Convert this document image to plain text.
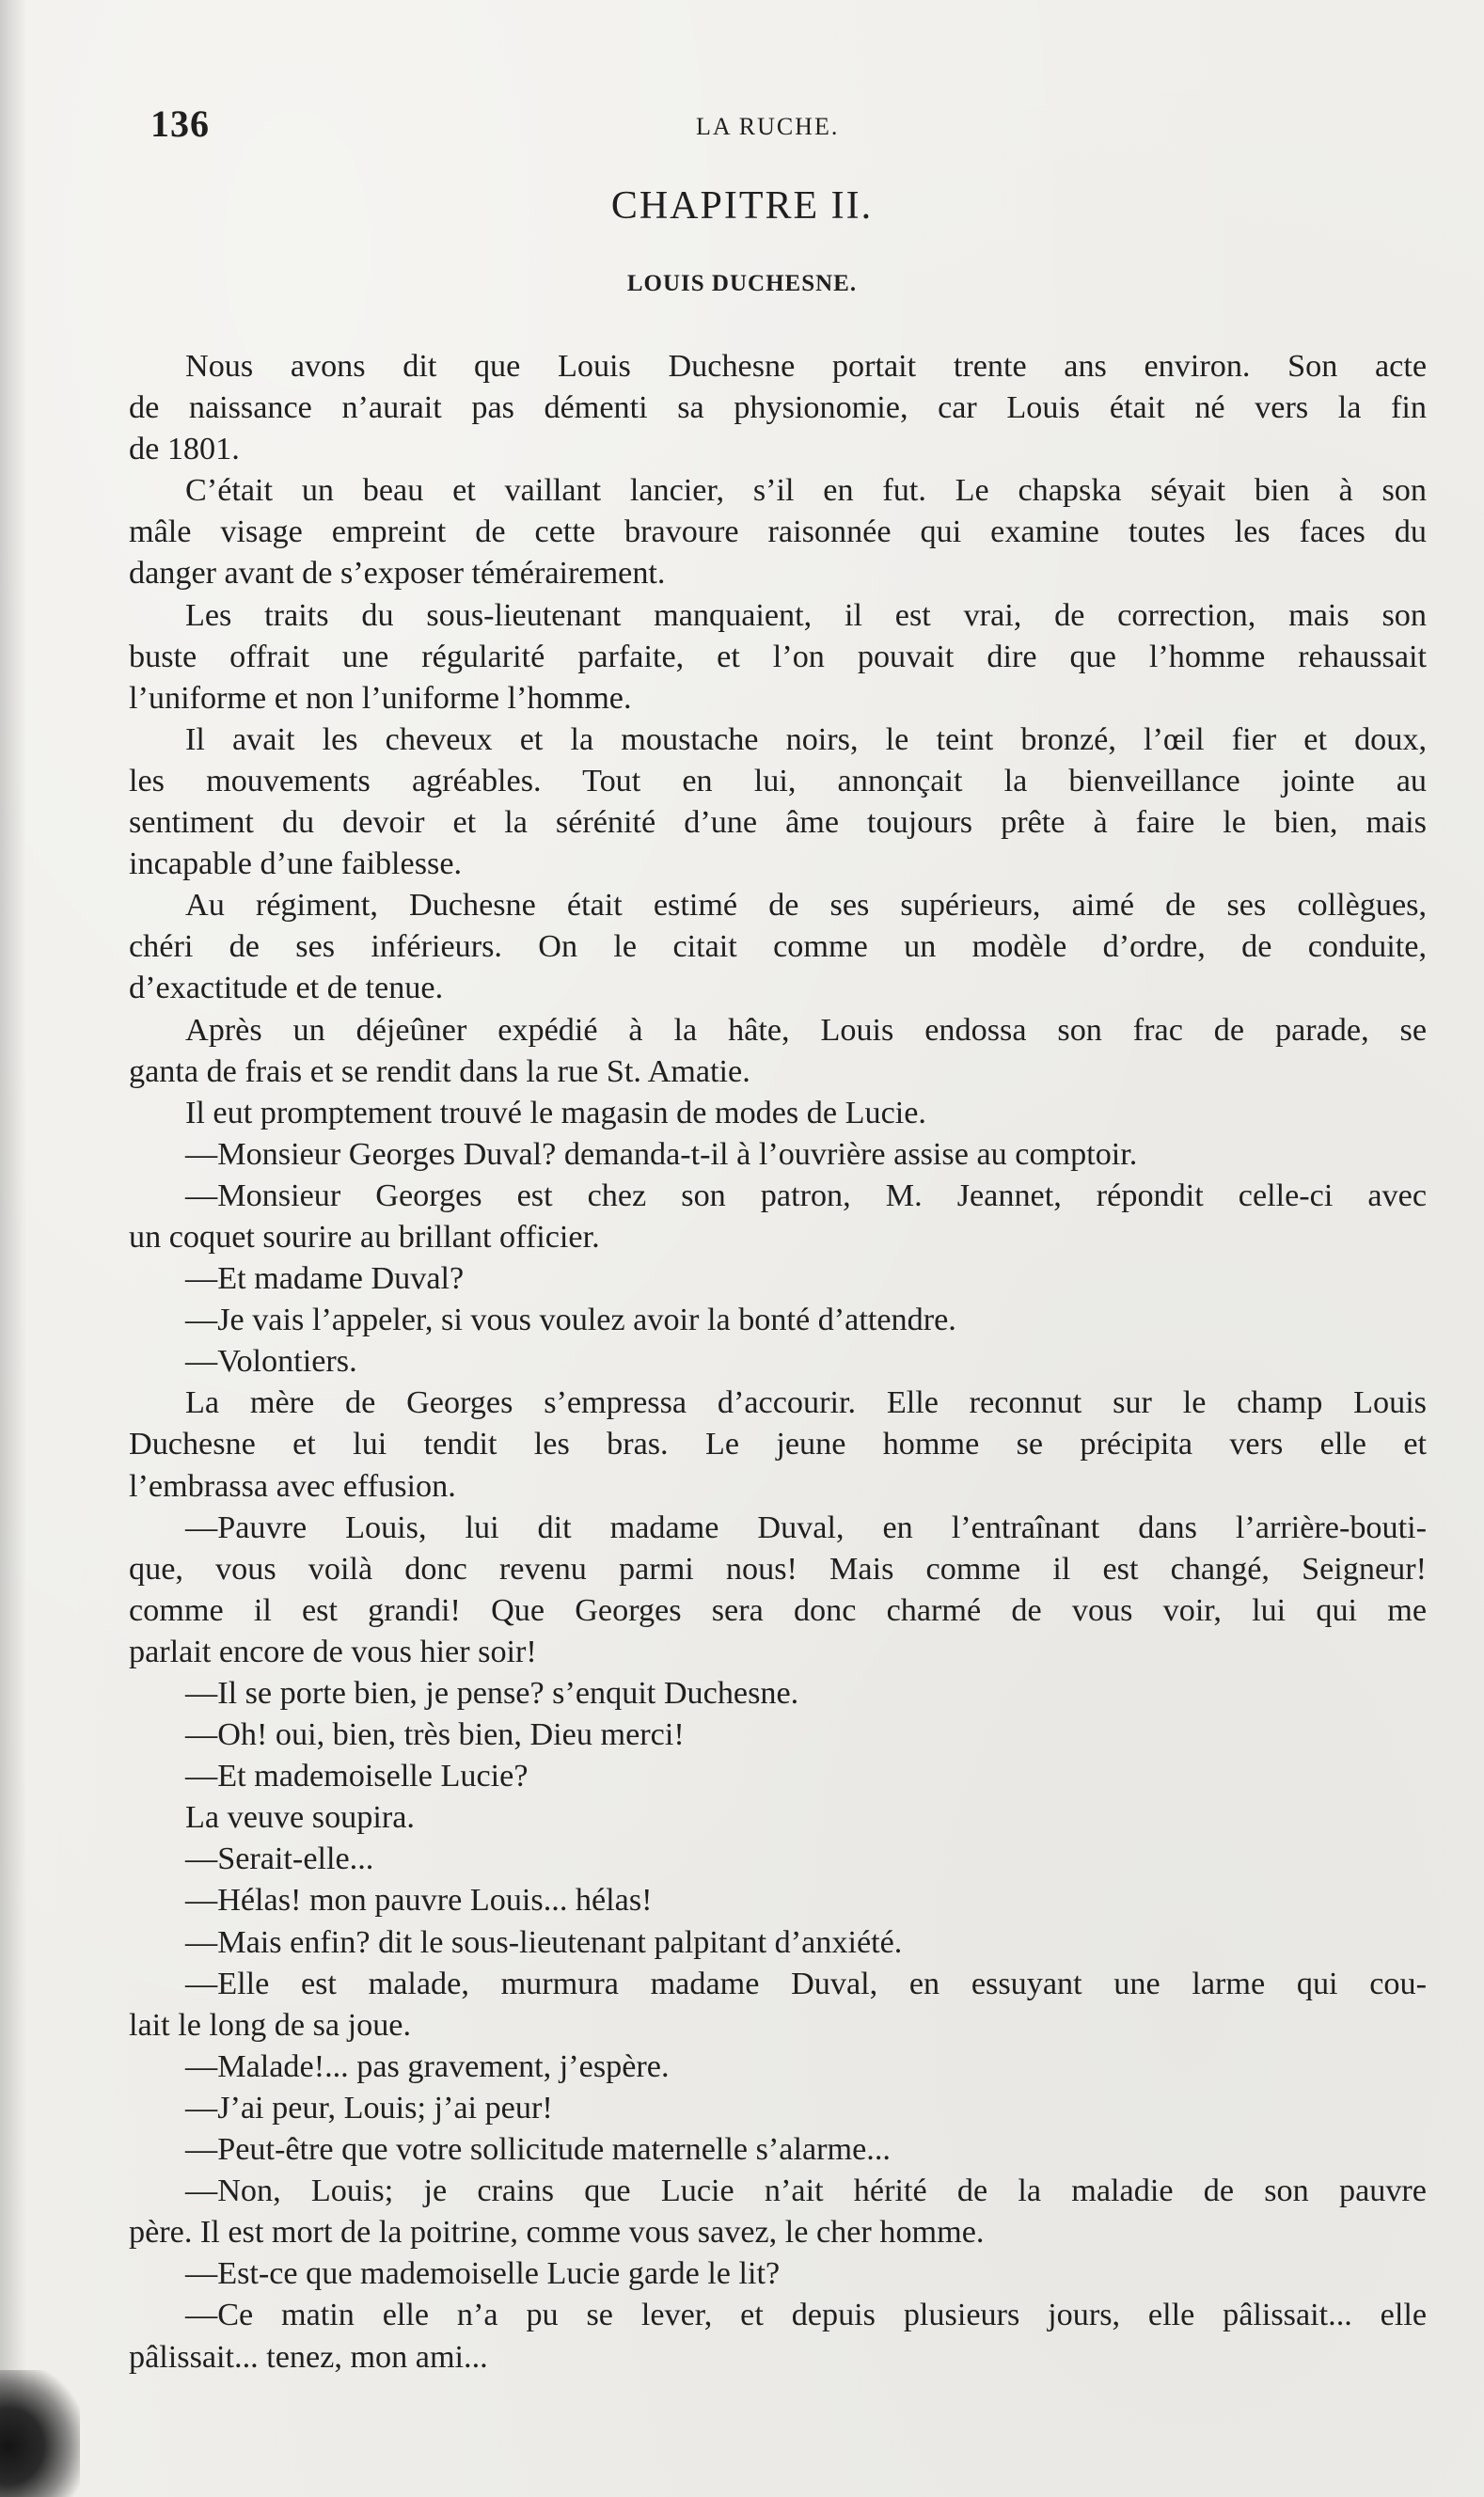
136	LA RUCHE.
CHAPITRE II.
LOUIS DUCHESNE.
Nous avons dit que Louis Duchesne portait trente ans environ. Son acte
de naissance n’aurait pas démenti sa physionomie, car Louis était né vers la fin
de 1801.
C’était un beau et vaillant lancier, s’il en fut. Le chapska séyait bien à son
mâle visage empreint de cette bravoure raisonnée qui examine toutes les faces du
danger avant de s’exposer témérairement.
Les traits du sous-lieutenant manquaient, il est vrai, de correction, mais son
buste offrait une régularité parfaite, et l’on pouvait dire que l’homme rehaussait
l’uniforme et non l’uniforme l’homme.
Il avait les cheveux et la moustache noirs, le teint bronzé, l’œil fier et doux,
les mouvements agréables. Tout en lui, annonçait la bienveillance jointe au
sentiment du devoir et la sérénité d’une âme toujours prête à faire le bien, mais
incapable d’une faiblesse.
Au régiment, Duchesne était estimé de ses supérieurs, aimé de ses collègues,
chéri de ses inférieurs. On le citait comme un modèle d’ordre, de conduite,
d’exactitude et de tenue.
Après un déjeûner expédié à la hâte, Louis endossa son frac de parade, se
ganta de frais et se rendit dans la rue St. Amatie.
Il eut promptement trouvé le magasin de modes de Lucie.
—Monsieur Georges Duval? demanda-t-il à l’ouvrière assise au comptoir.
—Monsieur Georges est chez son patron, M. Jeannet, répondit celle-ci avec
un coquet sourire au brillant officier.
—Et madame Duval?
—Je vais l’appeler, si vous voulez avoir la bonté d’attendre.
—Volontiers.
La mère de Georges s’empressa d’accourir. Elle reconnut sur le champ Louis
Duchesne et lui tendit les bras. Le jeune homme se précipita vers elle et
l’embrassa avec effusion.
—Pauvre Louis, lui dit madame Duval, en l’entraînant dans l’arrière-bouti-
que, vous voilà donc revenu parmi nous! Mais comme il est changé, Seigneur!
comme il est grandi! Que Georges sera donc charmé de vous voir, lui qui me
parlait encore de vous hier soir!
—Il se porte bien, je pense? s’enquit Duchesne.
—Oh! oui, bien, très bien, Dieu merci!
—Et mademoiselle Lucie?
La veuve soupira.
—Serait-elle...
—Hélas! mon pauvre Louis... hélas!
—Mais enfin? dit le sous-lieutenant palpitant d’anxiété.
—Elle est malade, murmura madame Duval, en essuyant une larme qui cou-
lait le long de sa joue.
—Malade!... pas gravement, j’espère.
—J’ai peur, Louis; j’ai peur!
—Peut-être que votre sollicitude maternelle s’alarme...
—Non, Louis; je crains que Lucie n’ait hérité de la maladie de son pauvre
père. Il est mort de la poitrine, comme vous savez, le cher homme.
—Est-ce que mademoiselle Lucie garde le lit?
—Ce matin elle n’a pu se lever, et depuis plusieurs jours, elle pâlissait... elle
pâlissait... tenez, mon ami...
